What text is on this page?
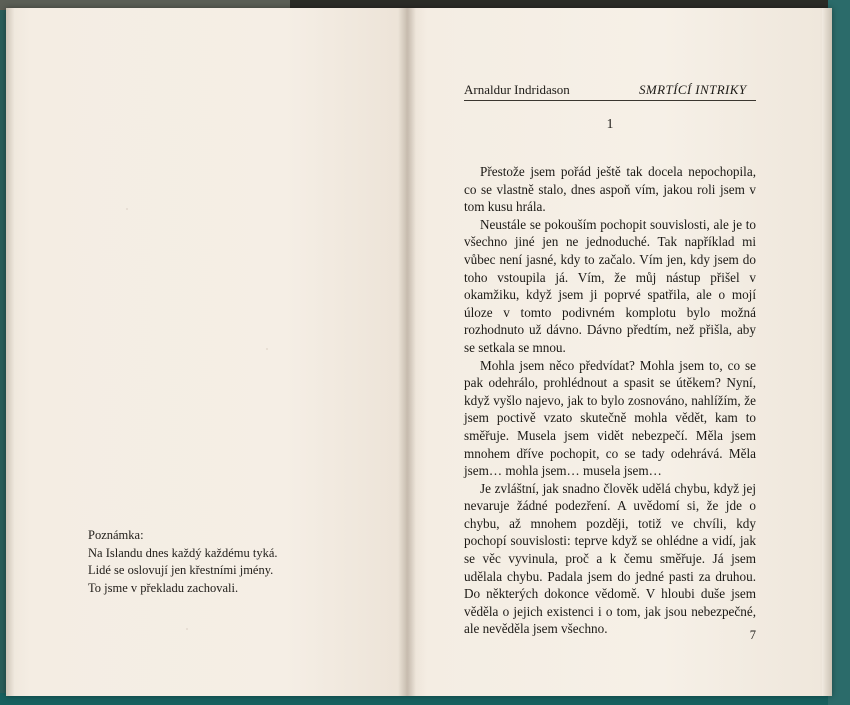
Poznámka:
Na Islandu dnes každý každému tyká.
Lidé se oslovují jen křestními jmény.
To jsme v překladu zachovali.
Arnaldur Indridason	SMRTÍCÍ INTRIKY
1

Přestože jsem pořád ještě tak docela nepochopila, co se vlastně stalo, dnes aspoň vím, jakou roli jsem v tom kusu hrála.

Neustále se pokouším pochopit souvislosti, ale je to všechno jiné jen ne jednoduché. Tak například mi vůbec není jasné, kdy to začalo. Vím jen, kdy jsem do toho vstoupila já. Vím, že můj nástup přišel v okamžiku, když jsem ji poprvé spatřila, ale o mojí úloze v tomto podivném komplotu bylo možná rozhodnuto už dávno. Dávno předtím, než přišla, aby se setkala se mnou.

Mohla jsem něco předvídat? Mohla jsem to, co se pak odehrálo, prohlédnout a spasit se útěkem? Nyní, když vyšlo najevo, jak to bylo zosnováno, nahlížím, že jsem poctivě vzato skutečně mohla vědět, kam to směřuje. Musela jsem vidět nebezpečí. Měla jsem mnohem dříve pochopit, co se tady odehrává. Měla jsem… mohla jsem… musela jsem…

Je zvláštní, jak snadno člověk udělá chybu, když jej nevaruje žádné podezření. A uvědomí si, že jde o chybu, až mnohem později, totiž ve chvíli, kdy pochopí souvislosti: teprve když se ohlédne a vidí, jak se věc vyvinula, proč a k čemu směřuje. Já jsem udělala chybu. Padala jsem do jedné pasti za druhou. Do některých dokonce vědomě. V hloubi duše jsem věděla o jejich existenci i o tom, jak jsou nebezpečné, ale nevěděla jsem všechno.	7
